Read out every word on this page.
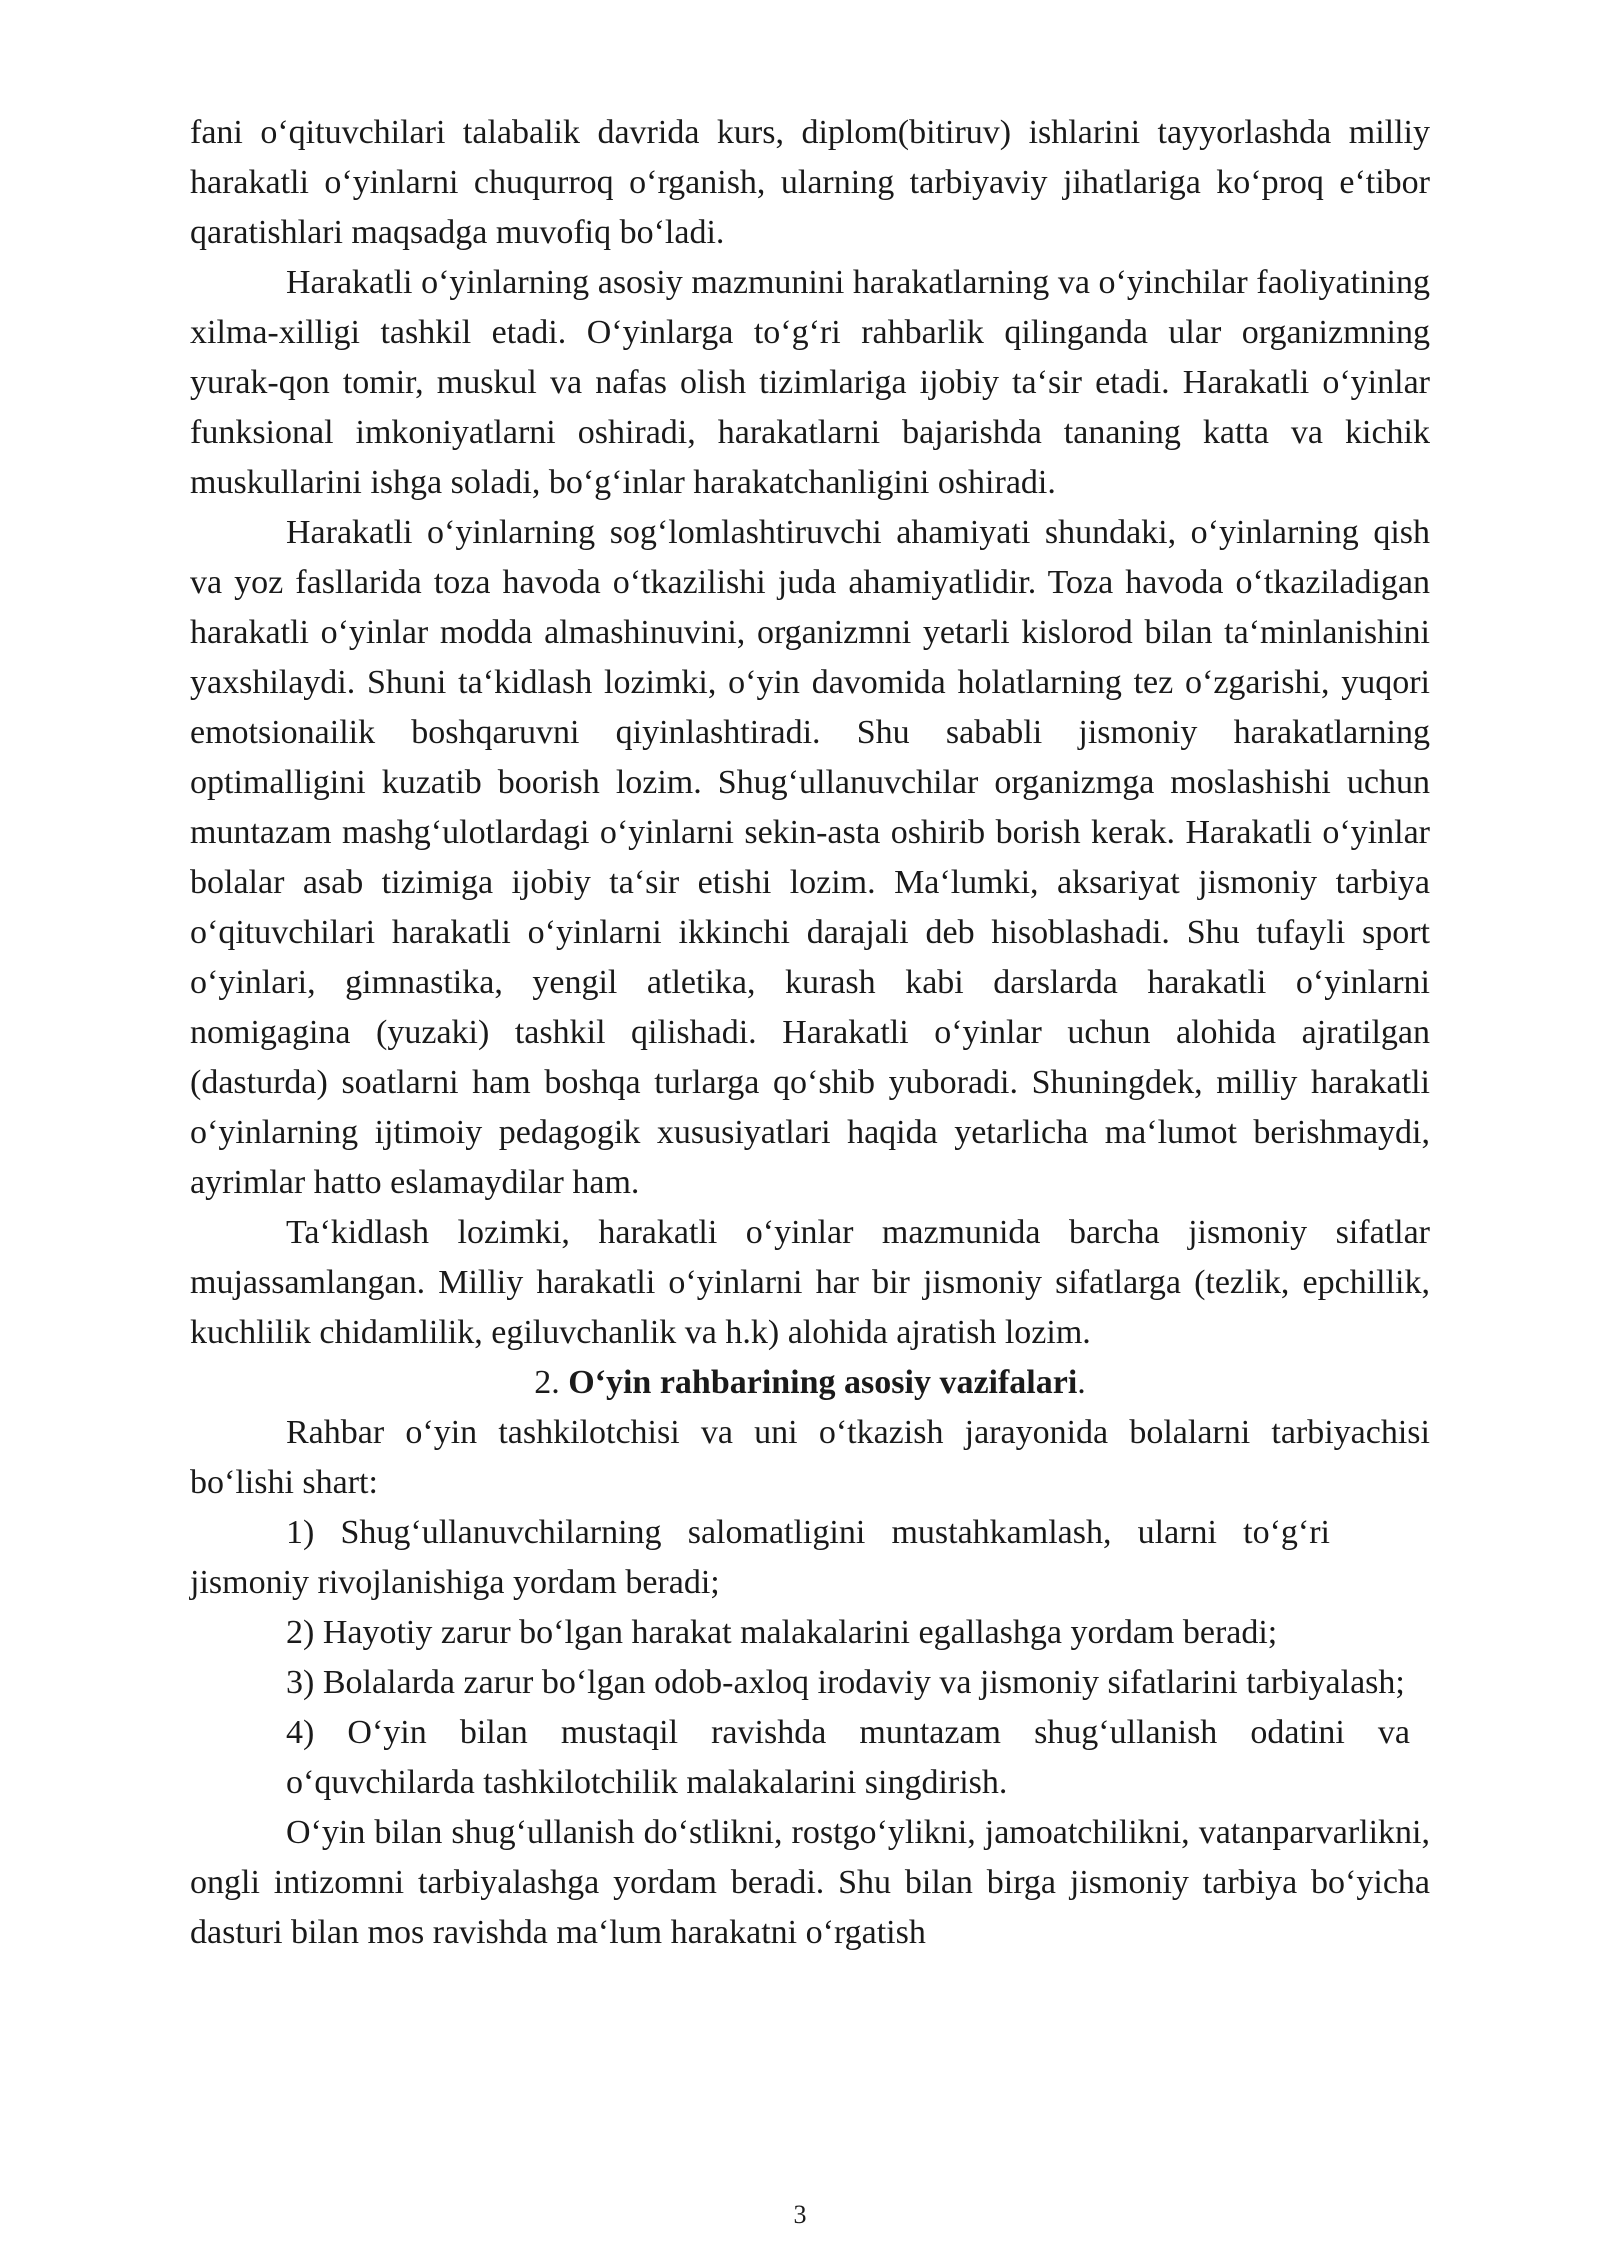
fani o‘qituvchilari talabalik davrida kurs, diplom(bitiruv) ishlarini tayyorlashda milliy harakatli o‘yinlarni chuqurroq o‘rganish, ularning tarbiyaviy jihatlariga ko‘proq e‘tibor qaratishlari maqsadga muvofiq bo‘ladi.

Harakatli o‘yinlarning asosiy mazmunini harakatlarning va o‘yinchilar faoliyatining xilma-xilligi tashkil etadi. O‘yinlarga to‘g‘ri rahbarlik qilinganda ular organizmning yurak-qon tomir, muskul va nafas olish tizimlariga ijobiy ta‘sir etadi. Harakatli o‘yinlar funksional imkoniyatlarni oshiradi, harakatlarni bajarishda tananing katta va kichik muskullarini ishga soladi, bo‘g‘inlar harakatchanligini oshiradi.

Harakatli o‘yinlarning sog‘lomlashtiruvchi ahamiyati shundaki, o‘yinlarning qish va yoz fasllarida toza havoda o‘tkazilishi juda ahamiyatlidir. Toza havoda o‘tkaziladigan harakatli o‘yinlar modda almashinuvini, organizmni yetarli kislorod bilan ta‘minlanishini yaxshilaydi. Shuni ta‘kidlash lozimki, o‘yin davomida holatlarning tez o‘zgarishi, yuqori emotsionailik boshqaruvni qiyinlashtiradi. Shu sababli jismoniy harakatlarning optimalligini kuzatib boorish lozim. Shug‘ullanuvchilar organizmga moslashishi uchun muntazam mashg‘ulotlardagi o‘yinlarni sekin-asta oshirib borish kerak. Harakatli o‘yinlar bolalar asab tizimiga ijobiy ta‘sir etishi lozim. Ma‘lumki, aksariyat jismoniy tarbiya o‘qituvchilari harakatli o‘yinlarni ikkinchi darajali deb hisoblashadi. Shu tufayli sport o‘yinlari, gimnastika, yengil atletika, kurash kabi darslarda harakatli o‘yinlarni nomigagina (yuzaki) tashkil qilishadi. Harakatli o‘yinlar uchun alohida ajratilgan (dasturda) soatlarni ham boshqa turlarga qo‘shib yuboradi. Shuningdek, milliy harakatli o‘yinlarning ijtimoiy pedagogik xususiyatlari haqida yetarlicha ma‘lumot berishmaydi, ayrimlar hatto eslamaydilar ham.

Ta‘kidlash lozimki, harakatli o‘yinlar mazmunida barcha jismoniy sifatlar mujassamlangan. Milliy harakatli o‘yinlarni har bir jismoniy sifatlarga (tezlik, epchillik, kuchlilik chidamlilik, egiluvchanlik va h.k) alohida ajratish lozim.

2. O‘yin rahbarining asosiy vazifalari.

Rahbar o‘yin tashkilotchisi va uni o‘tkazish jarayonida bolalarni tarbiyachisi bo‘lishi shart:

1) Shug‘ullanuvchilarning salomatligini mustahkamlash, ularni to‘g‘ri jismoniy rivojlanishiga yordam beradi;

2) Hayotiy zarur bo‘lgan harakat malakalarini egallashga yordam beradi;

3) Bolalarda zarur bo‘lgan odob-axloq irodaviy va jismoniy sifatlarini tarbiyalash;

4) O‘yin bilan mustaqil ravishda muntazam shug‘ullanish odatini va o‘quvchilarda tashkilotchilik malakalarini singdirish.

O‘yin bilan shug‘ullanish do‘stlikni, rostgo‘ylikni, jamoatchilikni, vatanparvarlikni, ongli intizomni tarbiyalashga yordam beradi. Shu bilan birga jismoniy tarbiya bo‘yicha dasturi bilan mos ravishda ma‘lum harakatni o‘rgatish

3
